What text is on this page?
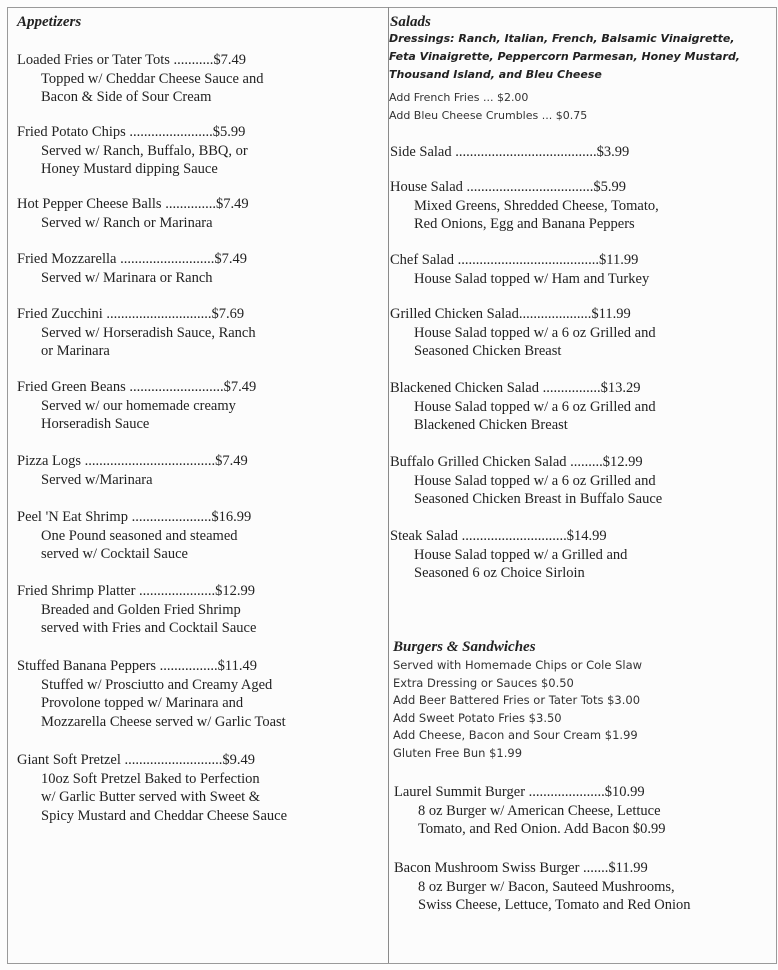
Appetizers
Loaded Fries or Tater Tots ...........$7.49
Topped w/ Cheddar Cheese Sauce and
Bacon & Side of Sour Cream
Fried Potato Chips .......................$5.99
Served w/ Ranch, Buffalo, BBQ, or
Honey Mustard dipping Sauce
Hot Pepper Cheese Balls ..............$7.49
Served w/ Ranch or Marinara
Fried Mozzarella ..........................$7.49
Served w/ Marinara or Ranch
Fried Zucchini .............................$7.69
Served w/ Horseradish Sauce, Ranch
or Marinara
Fried Green Beans ..........................$7.49
Served w/ our homemade creamy
Horseradish Sauce
Pizza Logs ....................................$7.49
Served w/Marinara
Peel 'N Eat Shrimp ......................$16.99
One Pound seasoned and steamed
served w/ Cocktail Sauce
Fried Shrimp Platter .....................$12.99
Breaded and Golden Fried Shrimp
served with Fries and Cocktail Sauce
Stuffed Banana Peppers ................$11.49
Stuffed w/ Prosciutto and Creamy Aged
Provolone topped w/ Marinara and
Mozzarella Cheese served w/ Garlic Toast
Giant Soft Pretzel ...........................$9.49
10oz Soft Pretzel Baked to Perfection
w/ Garlic Butter served with Sweet &
Spicy Mustard and Cheddar Cheese Sauce
Salads
Dressings: Ranch, Italian, French, Balsamic Vinaigrette,
Feta Vinaigrette, Peppercorn Parmesan, Honey Mustard,
Thousand Island, and Bleu Cheese
Add French Fries ... $2.00
Add Bleu Cheese Crumbles ... $0.75
Burgers & Sandwiches
Served with Homemade Chips or Cole Slaw
Extra Dressing or Sauces $0.50
Add Beer Battered Fries or Tater Tots $3.00
Add Sweet Potato Fries $3.50
Add Cheese, Bacon and Sour Cream $1.99
Gluten Free Bun $1.99
Side Salad .......................................$3.99
House Salad ...................................$5.99
Mixed Greens, Shredded Cheese, Tomato,
Red Onions, Egg and Banana Peppers
Chef Salad .......................................$11.99
House Salad topped w/ Ham and Turkey
Grilled Chicken Salad....................$11.99
House Salad topped w/ a 6 oz Grilled and
Seasoned Chicken Breast
Blackened Chicken Salad ................$13.29
House Salad topped w/ a 6 oz Grilled and
Blackened Chicken Breast
Buffalo Grilled Chicken Salad .........$12.99
House Salad topped w/ a 6 oz Grilled and
Seasoned Chicken Breast in Buffalo Sauce
Steak Salad .............................$14.99
House Salad topped w/ a Grilled and
Seasoned 6 oz Choice Sirloin
Laurel Summit Burger .....................$10.99
8 oz Burger w/ American Cheese, Lettuce
Tomato, and Red Onion. Add Bacon $0.99
Bacon Mushroom Swiss Burger .......$11.99
8 oz Burger w/ Bacon, Sauteed Mushrooms,
Swiss Cheese, Lettuce, Tomato and Red Onion
